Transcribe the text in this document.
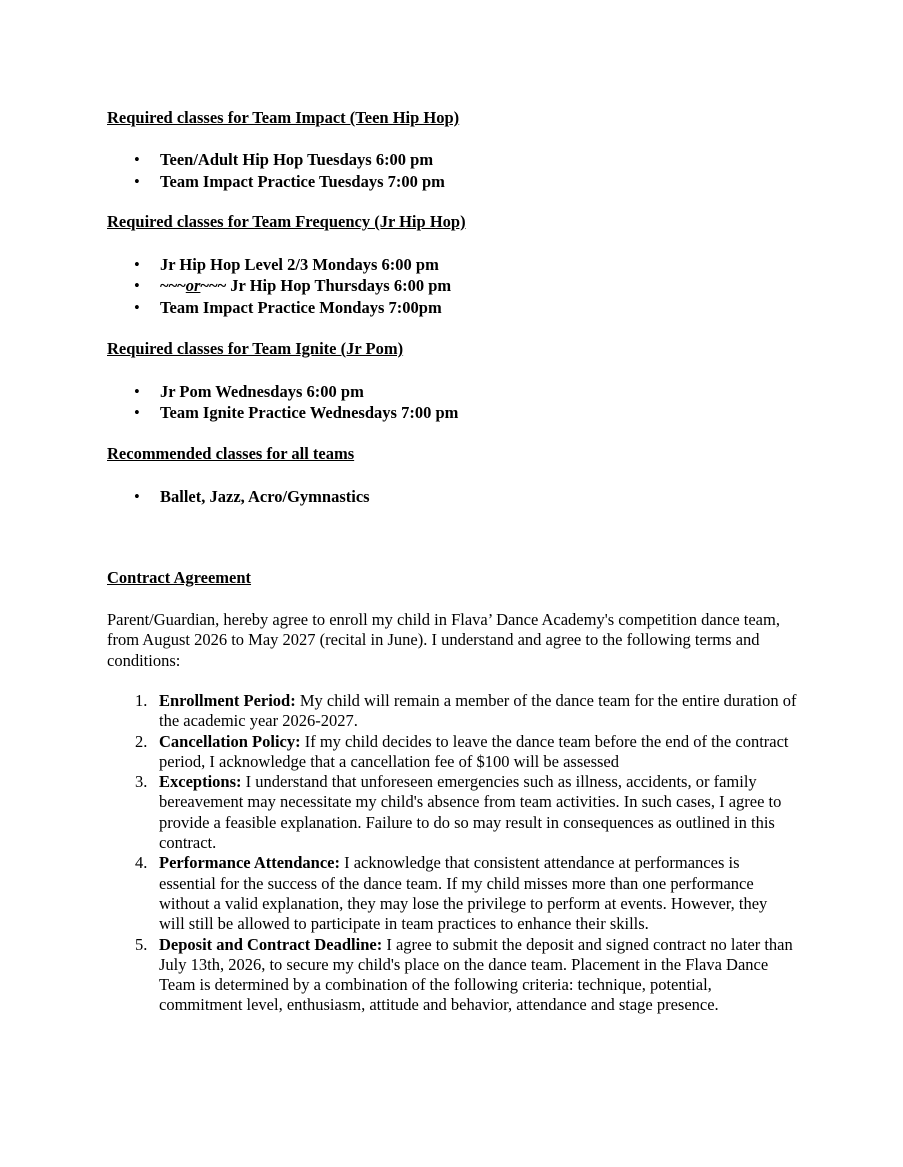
Required classes for Team Impact (Teen Hip Hop)
• Teen/Adult Hip Hop Tuesdays 6:00 pm
• Team Impact Practice Tuesdays 7:00 pm
Required classes for Team Frequency (Jr Hip Hop)
• Jr Hip Hop Level 2/3 Mondays 6:00 pm
• ~~~or~~~ Jr Hip Hop Thursdays 6:00 pm
• Team Impact Practice Mondays 7:00pm
Required classes for Team Ignite (Jr Pom)
• Jr Pom Wednesdays 6:00 pm
• Team Ignite Practice Wednesdays 7:00 pm
Recommended classes for all teams
• Ballet, Jazz, Acro/Gymnastics
Contract Agreement
Parent/Guardian, hereby agree to enroll my child in Flava’ Dance Academy's competition dance team, from August 2026 to May 2027 (recital in June). I understand and agree to the following terms and conditions:

1. Enrollment Period: My child will remain a member of the dance team for the entire duration of the academic year 2026-2027.

2. Cancellation Policy: If my child decides to leave the dance team before the end of the contract period, I acknowledge that a cancellation fee of $100 will be assessed

3. Exceptions: I understand that unforeseen emergencies such as illness, accidents, or family bereavement may necessitate my child's absence from team activities. In such cases, I agree to provide a feasible explanation. Failure to do so may result in consequences as outlined in this contract.

4. Performance Attendance: I acknowledge that consistent attendance at performances is essential for the success of the dance team. If my child misses more than one performance without a valid explanation, they may lose the privilege to perform at events. However, they will still be allowed to participate in team practices to enhance their skills.

5. Deposit and Contract Deadline: I agree to submit the deposit and signed contract no later than July 13th, 2026, to secure my child's place on the dance team. Placement in the Flava Dance Team is determined by a combination of the following criteria: technique, potential, commitment level, enthusiasm, attitude and behavior, attendance and stage presence.
